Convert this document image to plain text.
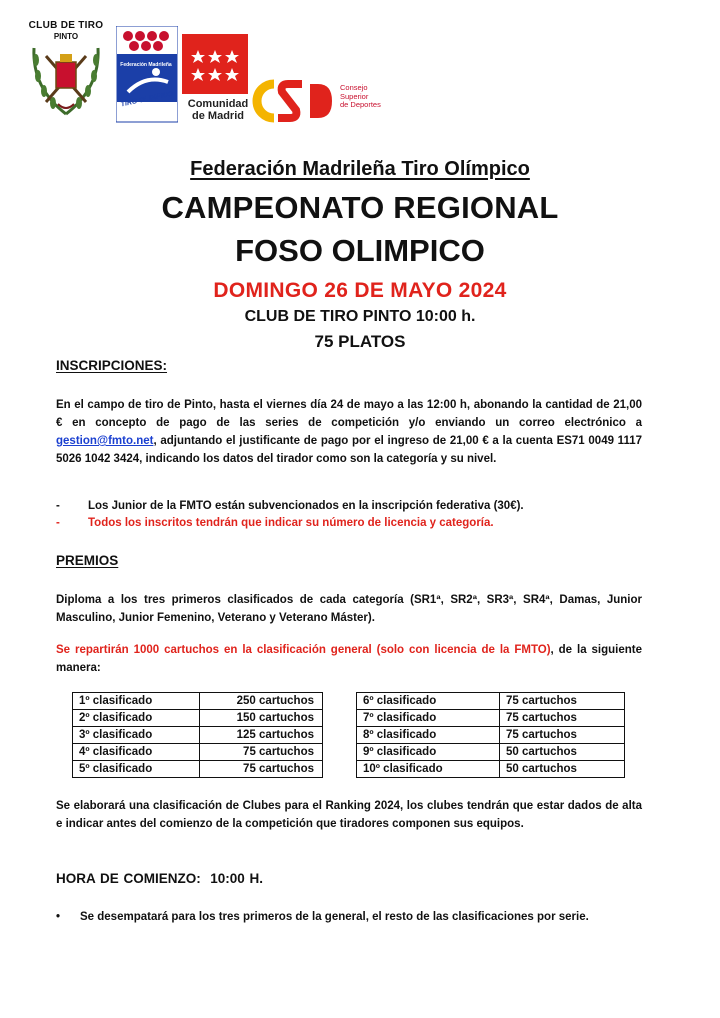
CLUB DE TIRO
PINTO
Federación Madrileña
TIRO OLIMPICO	Comunidad
de Madrid
Consejo
Superior
de Deportes
Federación Madrileña Tiro Olímpico
CAMPEONATO REGIONAL
FOSO OLIMPICO
DOMINGO 26 DE MAYO 2024
CLUB DE TIRO PINTO 10:00 h.
75 PLATOS
INSCRIPCIONES:
En el campo de tiro de Pinto, hasta el viernes día 24 de mayo a las 12:00 h, abonando la cantidad de 21,00 € en concepto de pago de las series de competición y/o enviando un correo electrónico a gestion@fmto.net, adjuntando el justificante de pago por el ingreso de 21,00 € a la cuenta ES71 0049 1117 5026 1042 3424, indicando los datos del tirador como son la categoría y su nivel.
- Los Junior de la FMTO están subvencionados en la inscripción federativa (30€).
- Todos los inscritos tendrán que indicar su número de licencia y categoría.
PREMIOS
Diploma a los tres primeros clasificados de cada categoría (SR1ª, SR2ª, SR3ª, SR4ª, Damas, Junior Masculino, Junior Femenino, Veterano y Veterano Máster).
Se repartirán 1000 cartuchos en la clasificación general (solo con licencia de la FMTO), de la siguiente manera:
1º clasificado	250 cartuchos
2º clasificado	150 cartuchos
3º clasificado	125 cartuchos
4º clasificado	75 cartuchos
5º clasificado	75 cartuchos
6º clasificado	75 cartuchos
7º clasificado	75 cartuchos
8º clasificado	75 cartuchos
9º clasificado	50 cartuchos
10º clasificado	50 cartuchos
Se elaborará una clasificación de Clubes para el Ranking 2024, los clubes tendrán que estar dados de alta e indicar antes del comienzo de la competición que tiradores componen sus equipos.
HORA DE COMIENZO: 10:00 H.
• Se desempatará para los tres primeros de la general, el resto de las clasificaciones por serie.
